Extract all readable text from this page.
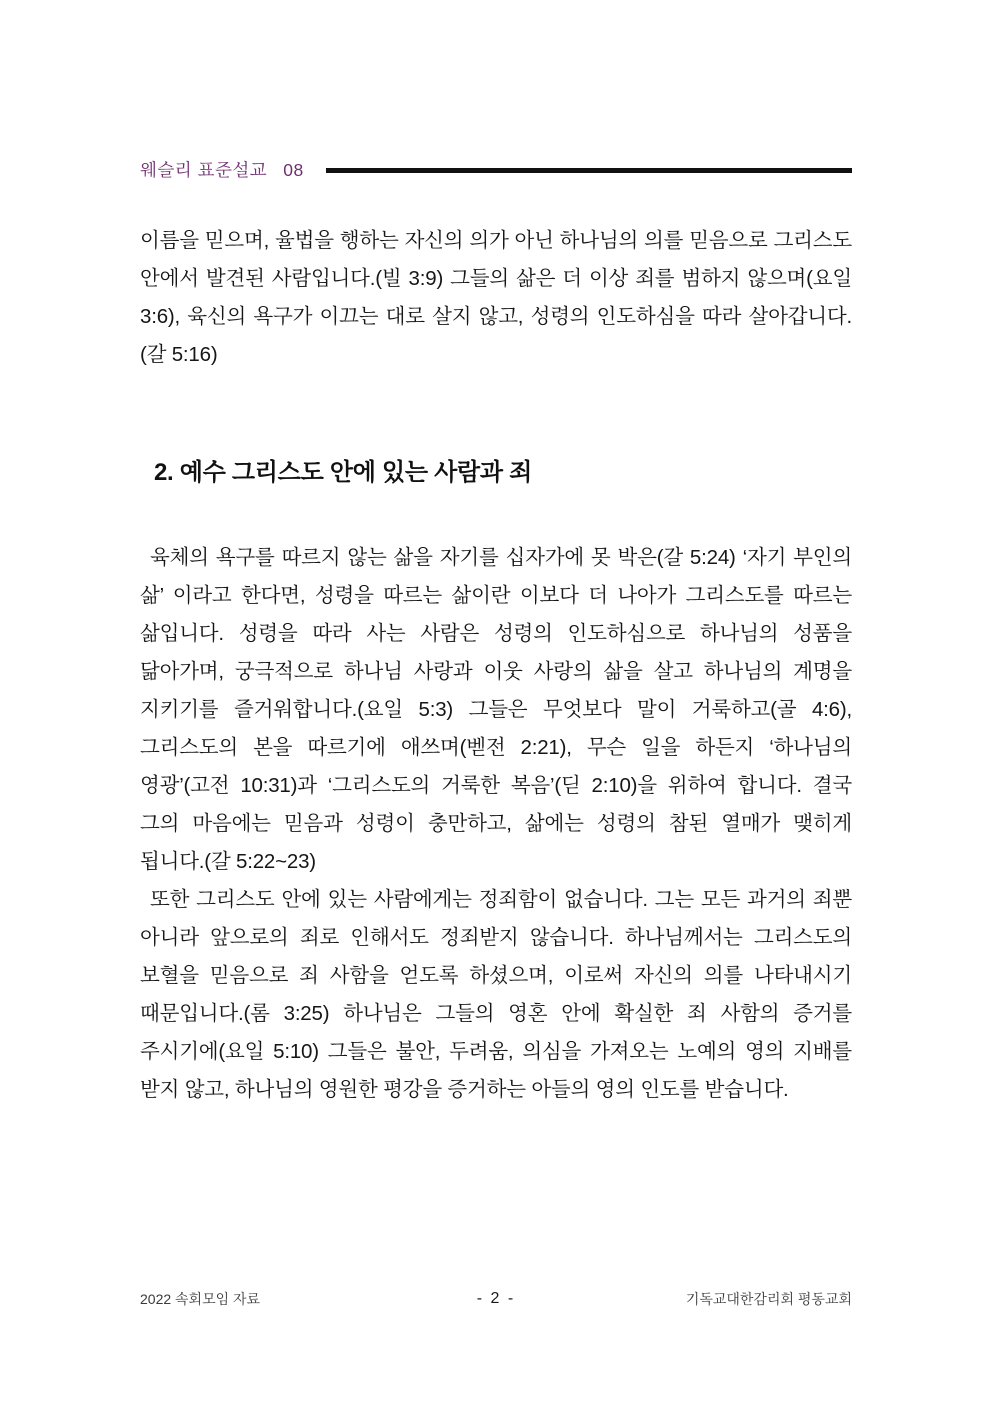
웨슬리 표준설교 08

이름을 믿으며, 율법을 행하는 자신의 의가 아닌 하나님의 의를 믿음으로 그리스도 안에서 발견된 사람입니다.(빌 3:9) 그들의 삶은 더 이상 죄를 범하지 않으며(요일 3:6), 육신의 욕구가 이끄는 대로 살지 않고, 성령의 인도하심을 따라 살아갑니다.(갈 5:16)

2. 예수 그리스도 안에 있는 사람과 죄

육체의 욕구를 따르지 않는 삶을 자기를 십자가에 못 박은(갈 5:24) ‘자기 부인의 삶’ 이라고 한다면, 성령을 따르는 삶이란 이보다 더 나아가 그리스도를 따르는 삶입니다. 성령을 따라 사는 사람은 성령의 인도하심으로 하나님의 성품을 닮아가며, 궁극적으로 하나님 사랑과 이웃 사랑의 삶을 살고 하나님의 계명을 지키기를 즐거워합니다.(요일 5:3) 그들은 무엇보다 말이 거룩하고(골 4:6), 그리스도의 본을 따르기에 애쓰며(벧전 2:21), 무슨 일을 하든지 ‘하나님의 영광’(고전 10:31)과 ‘그리스도의 거룩한 복음’(딛 2:10)을 위하여 합니다. 결국 그의 마음에는 믿음과 성령이 충만하고, 삶에는 성령의 참된 열매가 맺히게 됩니다.(갈 5:22~23)

또한 그리스도 안에 있는 사람에게는 정죄함이 없습니다. 그는 모든 과거의 죄뿐 아니라 앞으로의 죄로 인해서도 정죄받지 않습니다. 하나님께서는 그리스도의 보혈을 믿음으로 죄 사함을 얻도록 하셨으며, 이로써 자신의 의를 나타내시기 때문입니다.(롬 3:25) 하나님은 그들의 영혼 안에 확실한 죄 사함의 증거를 주시기에(요일 5:10) 그들은 불안, 두려움, 의심을 가져오는 노예의 영의 지배를 받지 않고, 하나님의 영원한 평강을 증거하는 아들의 영의 인도를 받습니다.

2022 속회모임 자료	- 2 -	기독교대한감리회 평동교회
